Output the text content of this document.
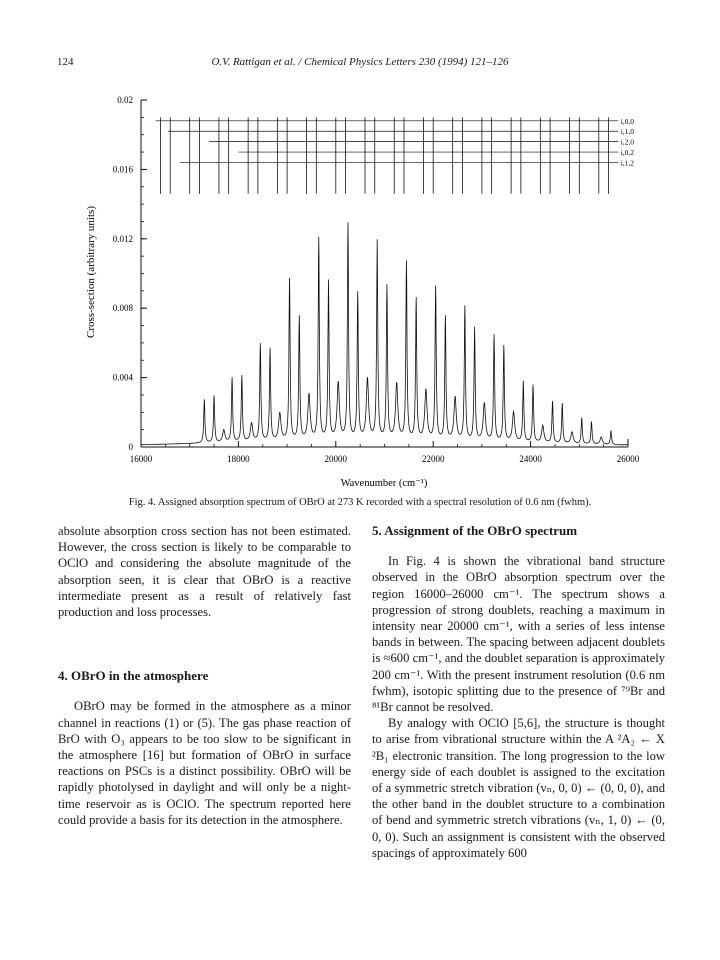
124	O.V. Rattigan et al. / Chemical Physics Letters 230 (1994) 121–126
16000	18000	20000	22000	24000	26000
0
0.004
0.008
0.012
0.016
0.02
i,0,0
i,1,0
i,2,0
i,0,2
i,1,2
Cross-section (arbitrary units)
Wavenumber (cm⁻¹)
Fig. 4. Assigned absorption spectrum of OBrO at 273 K recorded with a spectral resolution of 0.6 nm (fwhm).

absolute absorption cross section has not been estimated. However, the cross section is likely to be comparable to OClO and considering the absolute magnitude of the absorption seen, it is clear that OBrO is a reactive intermediate present as a result of relatively fast production and loss processes.

4. OBrO in the atmosphere

OBrO may be formed in the atmosphere as a minor channel in reactions (1) or (5). The gas phase reaction of BrO with O₃ appears to be too slow to be significant in the atmosphere [16] but formation of OBrO in surface reactions on PSCs is a distinct possibility. OBrO will be rapidly photolysed in daylight and will only be a night-time reservoir as is OClO. The spectrum reported here could provide a basis for its detection in the atmosphere.

5. Assignment of the OBrO spectrum

In Fig. 4 is shown the vibrational band structure observed in the OBrO absorption spectrum over the region 16000–26000 cm⁻¹. The spectrum shows a progression of strong doublets, reaching a maximum in intensity near 20000 cm⁻¹, with a series of less intense bands in between. The spacing between adjacent doublets is ≈600 cm⁻¹, and the doublet separation is approximately 200 cm⁻¹. With the present instrument resolution (0.6 nm fwhm), isotopic splitting due to the presence of ⁷⁹Br and ⁸¹Br cannot be resolved.

By analogy with OClO [5,6], the structure is thought to arise from vibrational structure within the A ²A₂ ← X ²B₁ electronic transition. The long progression to the low energy side of each doublet is assigned to the excitation of a symmetric stretch vibration (vₙ, 0, 0) ← (0, 0, 0), and the other band in the doublet structure to a combination of bend and symmetric stretch vibrations (vₙ, 1, 0) ← (0, 0, 0). Such an assignment is consistent with the observed spacings of approximately 600
